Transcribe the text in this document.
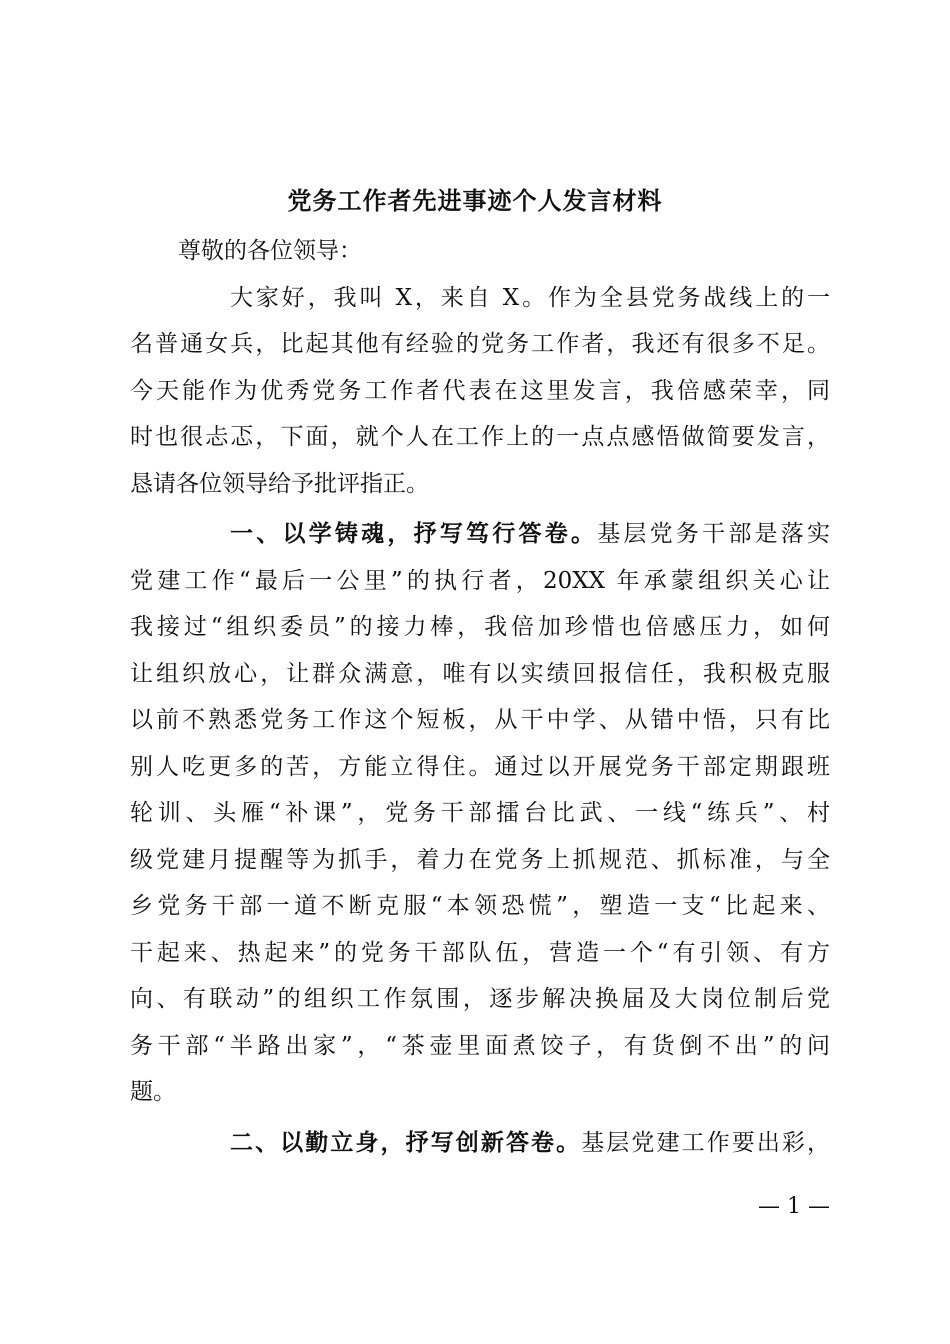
党务工作者先进事迹个人发言材料
尊敬的各位领导：
大家好，我叫 X，来自 X。作为全县党务战线上的一
名普通女兵，比起其他有经验的党务工作者，我还有很多不足。
今天能作为优秀党务工作者代表在这里发言，我倍感荣幸，同
时也很忐忑，下面，就个人在工作上的一点点感悟做简要发言，
恳请各位领导给予批评指正。
一、以学铸魂，抒写笃行答卷。基层党务干部是落实
党建工作“最后一公里”的执行者，20XX 年承蒙组织关心让
我接过“组织委员”的接力棒，我倍加珍惜也倍感压力，如何
让组织放心，让群众满意，唯有以实绩回报信任，我积极克服
以前不熟悉党务工作这个短板，从干中学、从错中悟，只有比
别人吃更多的苦，方能立得住。通过以开展党务干部定期跟班
轮训、头雁“补课”，党务干部擂台比武、一线“练兵”、村
级党建月提醒等为抓手，着力在党务上抓规范、抓标准，与全
乡党务干部一道不断克服“本领恐慌”，塑造一支“比起来、
干起来、热起来”的党务干部队伍，营造一个“有引领、有方
向、有联动”的组织工作氛围，逐步解决换届及大岗位制后党
务干部“半路出家”，“茶壶里面煮饺子，有货倒不出”的问
题。
二、以勤立身，抒写创新答卷。基层党建工作要出彩，
— 1 —
